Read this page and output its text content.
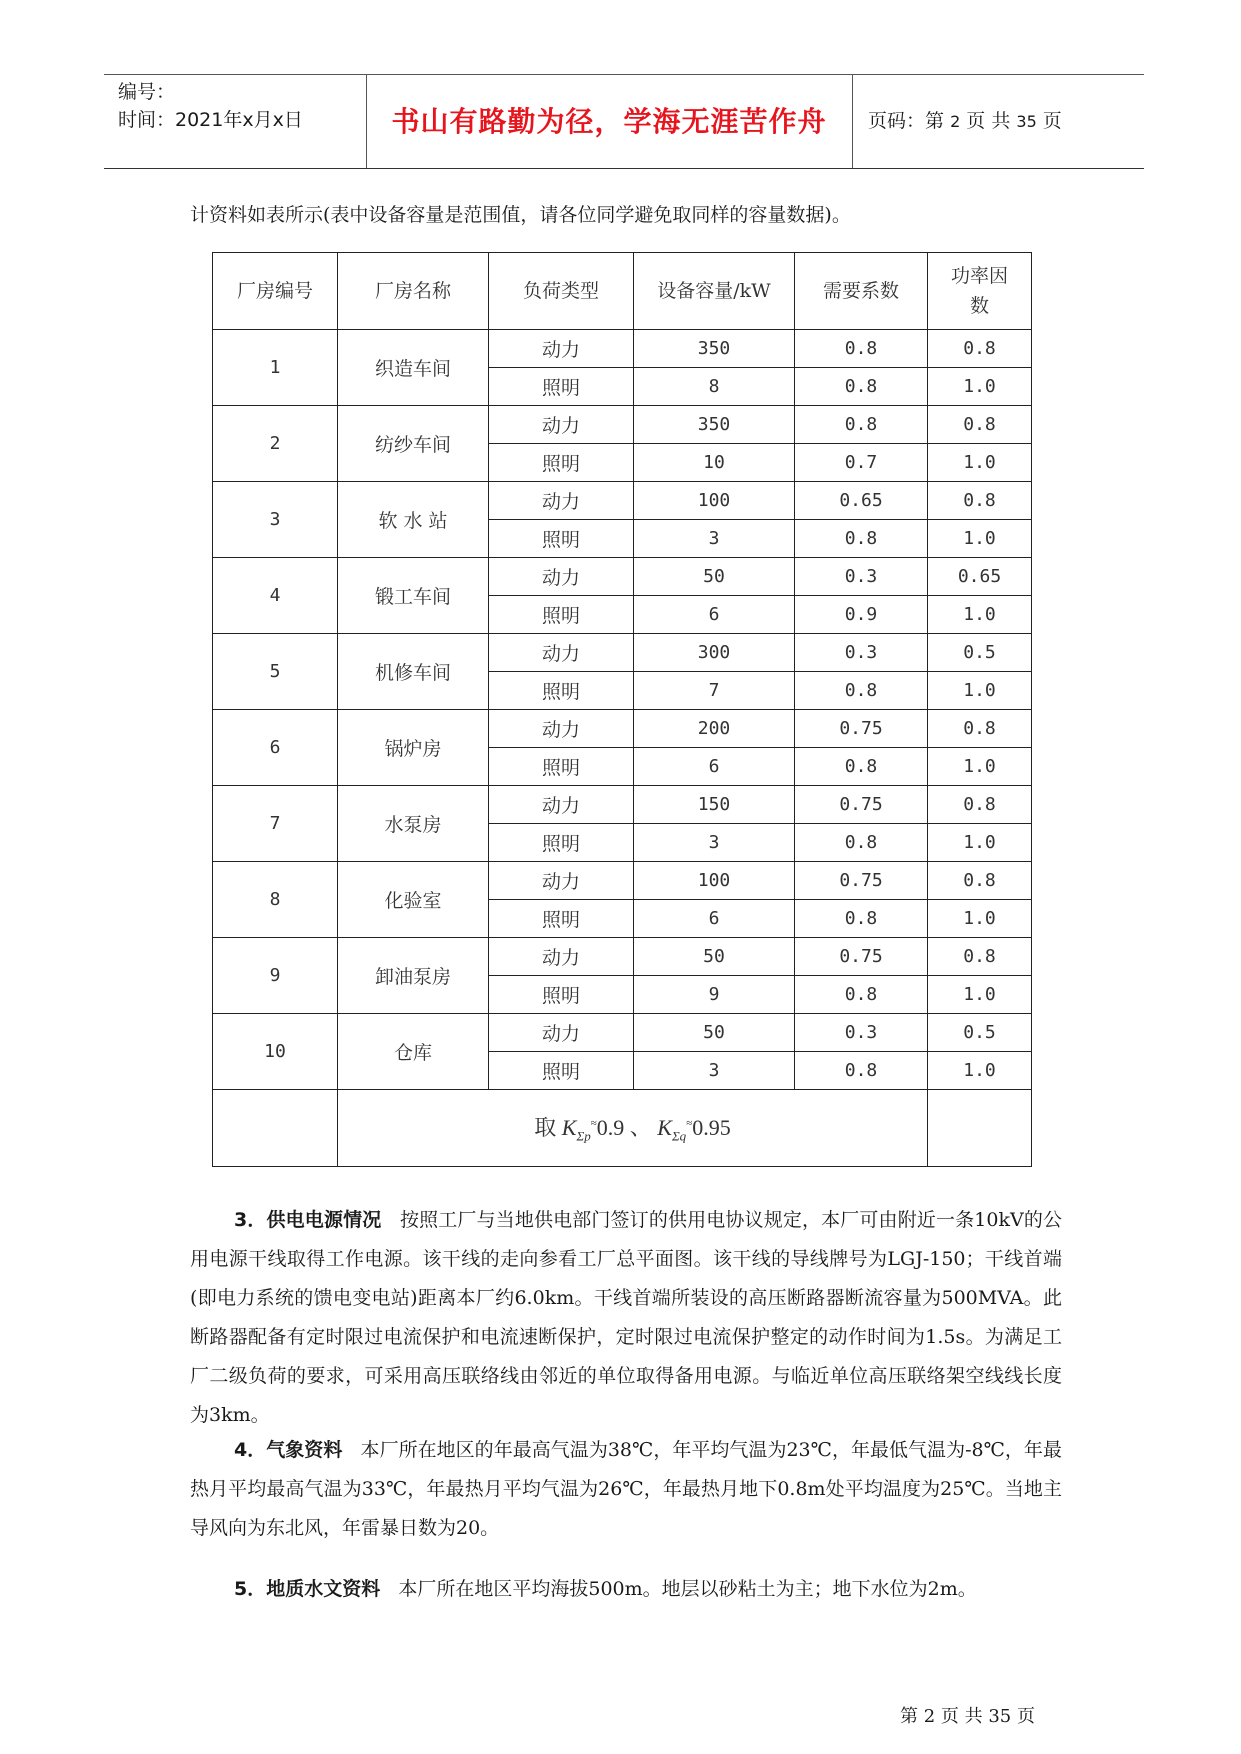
编号：
时间：2021年x月x日	书山有路勤为径，学海无涯苦作舟	页码：第 2 页 共 35 页
计资料如表所示(表中设备容量是范围值，请各位同学避免取同样的容量数据)。
厂房编号	厂房名称	负荷类型	设备容量/kW	需要系数	功率因数

1	织造车间	动力	350	0.8	0.8
		照明	8	0.8	1.0
2	纺纱车间	动力	350	0.8	0.8
		照明	10	0.7	1.0
3	软 水 站	动力	100	0.65	0.8
		照明	3	0.8	1.0
4	锻工车间	动力	50	0.3	0.65
		照明	6	0.9	1.0
5	机修车间	动力	300	0.3	0.5
		照明	7	0.8	1.0
6	锅炉房	动力	200	0.75	0.8
		照明	6	0.8	1.0
7	水泵房	动力	150	0.75	0.8
		照明	3	0.8	1.0
8	化验室	动力	100	0.75	0.8
		照明	6	0.8	1.0
9	卸油泵房	动力	50	0.75	0.8
		照明	9	0.8	1.0
10	仓库	动力	50	0.3	0.5
		照明	3	0.8	1.0
	取 $K_{\Sigma p}^\approx 0.9$ 、 $K_{\Sigma q}^\approx 0.95$				
3．供电电源情况 按照工厂与当地供电部门签订的供用电协议规定，本厂可由附近一条10kV的公用电源干线取得工作电源。该干线的走向参看工厂总平面图。该干线的导线牌号为LGJ-150；干线首端(即电力系统的馈电变电站)距离本厂约6.0km。干线首端所装设的高压断路器断流容量为500MVA。此断路器配备有定时限过电流保护和电流速断保护，定时限过电流保护整定的动作时间为1.5s。为满足工厂二级负荷的要求，可采用高压联络线由邻近的单位取得备用电源。与临近单位高压联络架空线线长度为3km。
4．气象资料 本厂所在地区的年最高气温为38℃，年平均气温为23℃，年最低气温为-8℃，年最热月平均最高气温为33℃，年最热月平均气温为26℃，年最热月地下0.8m处平均温度为25℃。当地主导风向为东北风，年雷暴日数为20。
5．地质水文资料 本厂所在地区平均海拔500m。地层以砂粘土为主；地下水位为2m。
第 2 页 共 35 页
